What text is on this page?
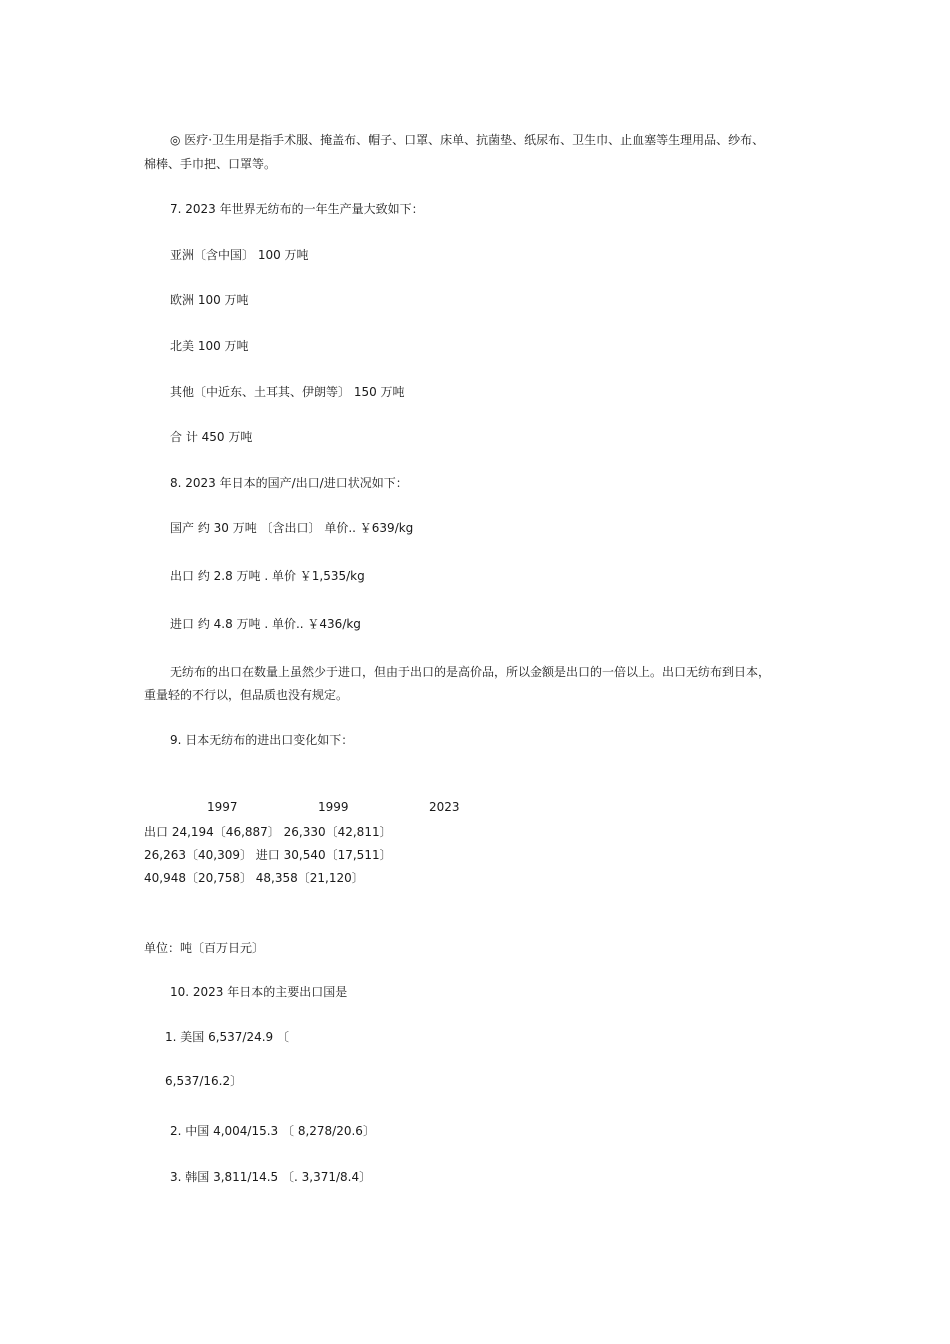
◎ 医疗·卫生用是指手术服、掩盖布、帽子、口罩、床单、抗菌垫、纸尿布、卫生巾、止血塞等生理用品、纱布、
棉棒、手巾把、口罩等。
7. 2023 年世界无纺布的一年生产量大致如下：
亚洲〔含中国〕 100 万吨
欧洲 100 万吨
北美 100 万吨
其他〔中近东、土耳其、伊朗等〕 150 万吨
合 计 450 万吨
8. 2023 年日本的国产/出口/进口状况如下：
国产 约 30 万吨 〔含出口〕 单价.. ￥639/kg
出口 约 2.8 万吨 . 单价 ￥1,535/kg
进口 约 4.8 万吨 . 单价.. ￥436/kg
无纺布的出口在数量上虽然少于进口，但由于出口的是高价品，所以金额是出口的一倍以上。出口无纺布到日本，
重量轻的不行以，但品质也没有规定。
9. 日本无纺布的进出口变化如下：
1997	1999	2023
出口 24,194〔46,887〕 26,330〔42,811〕
26,263〔40,309〕 进口 30,540〔17,511〕
40,948〔20,758〕 48,358〔21,120〕
单位：吨〔百万日元〕
10. 2023 年日本的主要出口国是
1. 美国 6,537/24.9 〔
6,537/16.2〕
2. 中国 4,004/15.3 〔 8,278/20.6〕
3. 韩国 3,811/14.5 〔. 3,371/8.4〕
